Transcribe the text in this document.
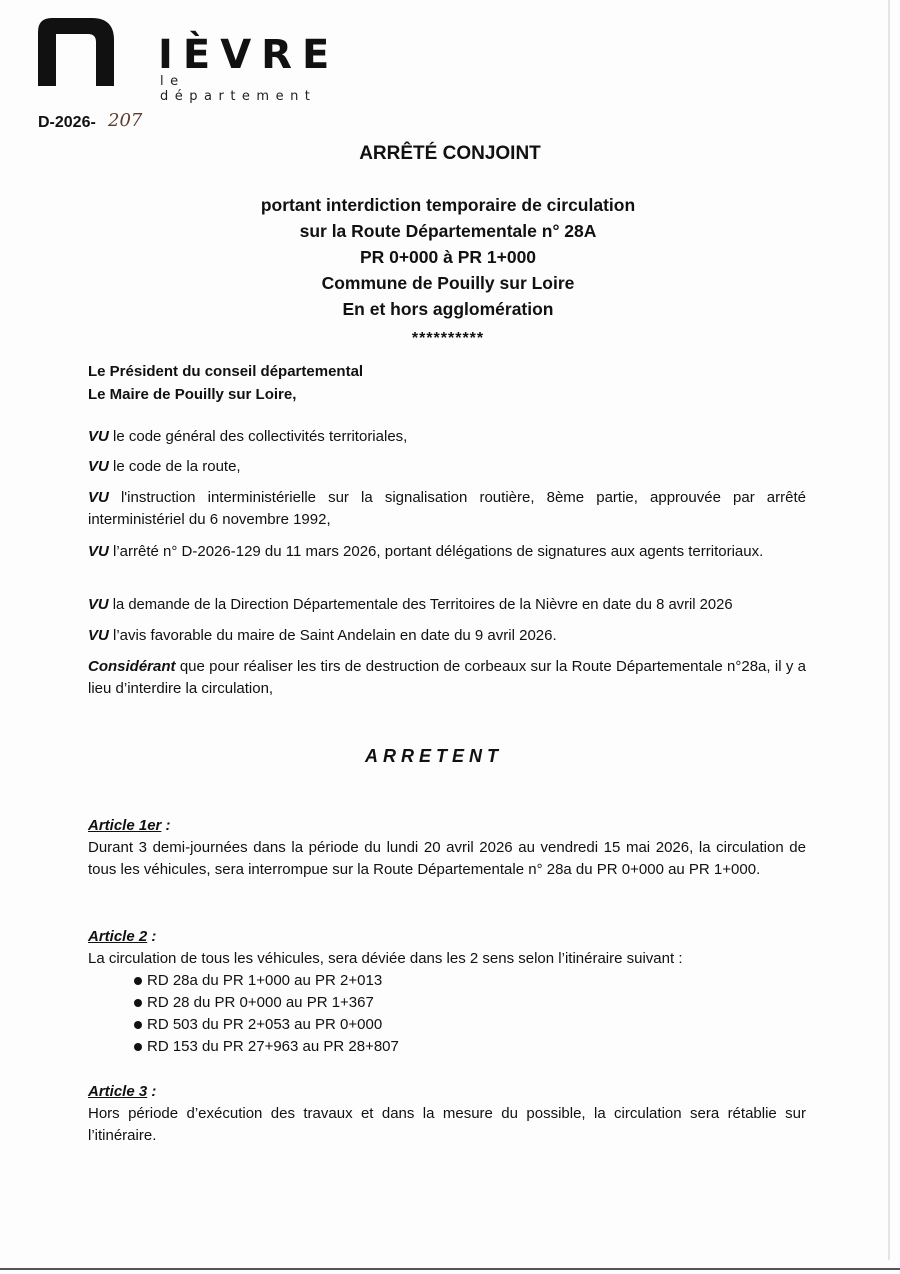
IÈVRE
le département
D-2026- 207
ARRÊTÉ CONJOINT
portant interdiction temporaire de circulation
sur la Route Départementale n° 28A
PR 0+000 à PR 1+000
Commune de Pouilly sur Loire
En et hors agglomération
**********
Le Président du conseil départemental
Le Maire de Pouilly sur Loire,
VU le code général des collectivités territoriales,
VU le code de la route,
VU l'instruction interministérielle sur la signalisation routière, 8ème partie, approuvée par arrêté interministériel du 6 novembre 1992,
VU l’arrêté n° D-2026-129 du 11 mars 2026, portant délégations de signatures aux agents territoriaux.
VU la demande de la Direction Départementale des Territoires de la Nièvre en date du 8 avril 2026
VU l’avis favorable du maire de Saint Andelain en date du 9 avril 2026.
Considérant que pour réaliser les tirs de destruction de corbeaux sur la Route Départementale n°28a, il y a lieu d’interdire la circulation,
ARRETENT
Article 1er :
Durant 3 demi-journées dans la période du lundi 20 avril 2026 au vendredi 15 mai 2026, la circulation de tous les véhicules, sera interrompue sur la Route Départementale n° 28a du PR 0+000 au PR 1+000.
Article 2 :
La circulation de tous les véhicules, sera déviée dans les 2 sens selon l’itinéraire suivant :
RD 28a du PR 1+000 au PR 2+013
RD 28 du PR 0+000 au PR 1+367
RD 503 du PR 2+053 au PR 0+000
RD 153 du PR 27+963 au PR 28+807
Article 3 :
Hors période d’exécution des travaux et dans la mesure du possible, la circulation sera rétablie sur l’itinéraire.
